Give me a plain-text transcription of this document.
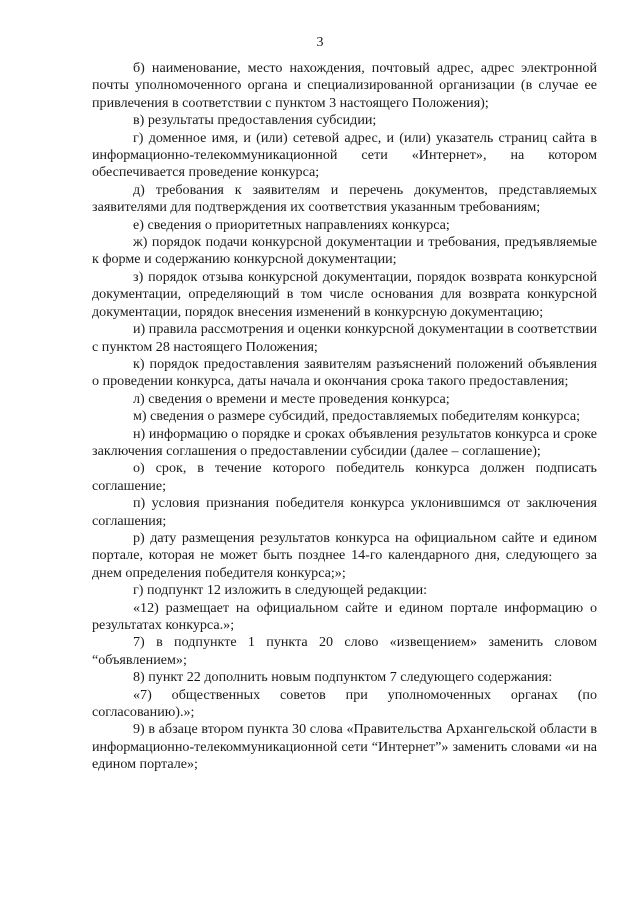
3

б) наименование, место нахождения, почтовый адрес, адрес электронной почты уполномоченного органа и специализированной организации (в случае ее привлечения в соответствии с пунктом 3 настоящего Положения);

в) результаты предоставления субсидии;

г) доменное имя, и (или) сетевой адрес, и (или) указатель страниц сайта в информационно-телекоммуникационной сети «Интернет», на котором обеспечивается проведение конкурса;

д) требования к заявителям и перечень документов, представляемых заявителями для подтверждения их соответствия указанным требованиям;

е) сведения о приоритетных направлениях конкурса;

ж) порядок подачи конкурсной документации и требования, предъявляемые к форме и содержанию конкурсной документации;

з) порядок отзыва конкурсной документации, порядок возврата конкурсной документации, определяющий в том числе основания для возврата конкурсной документации, порядок внесения изменений в конкурсную документацию;

и) правила рассмотрения и оценки конкурсной документации в соответствии с пунктом 28 настоящего Положения;

к) порядок предоставления заявителям разъяснений положений объявления о проведении конкурса, даты начала и окончания срока такого предоставления;

л) сведения о времени и месте проведения конкурса;

м) сведения о размере субсидий, предоставляемых победителям конкурса;

н) информацию о порядке и сроках объявления результатов конкурса и сроке заключения соглашения о предоставлении субсидии (далее – соглашение);

о) срок, в течение которого победитель конкурса должен подписать соглашение;

п) условия признания победителя конкурса уклонившимся от заключения соглашения;

р) дату размещения результатов конкурса на официальном сайте и едином портале, которая не может быть позднее 14-го календарного дня, следующего за днем определения победителя конкурса;»;

г) подпункт 12 изложить в следующей редакции:

«12) размещает на официальном сайте и едином портале информацию о результатах конкурса.»;

7) в подпункте 1 пункта 20 слово «извещением» заменить словом “объявлением»;

8) пункт 22 дополнить новым подпунктом 7 следующего содержания:

«7) общественных советов при уполномоченных органах (по согласованию).»;

9) в абзаце втором пункта 30 слова «Правительства Архангельской области в информационно-телекоммуникационной сети “Интернет”» заменить словами «и на едином портале»;
